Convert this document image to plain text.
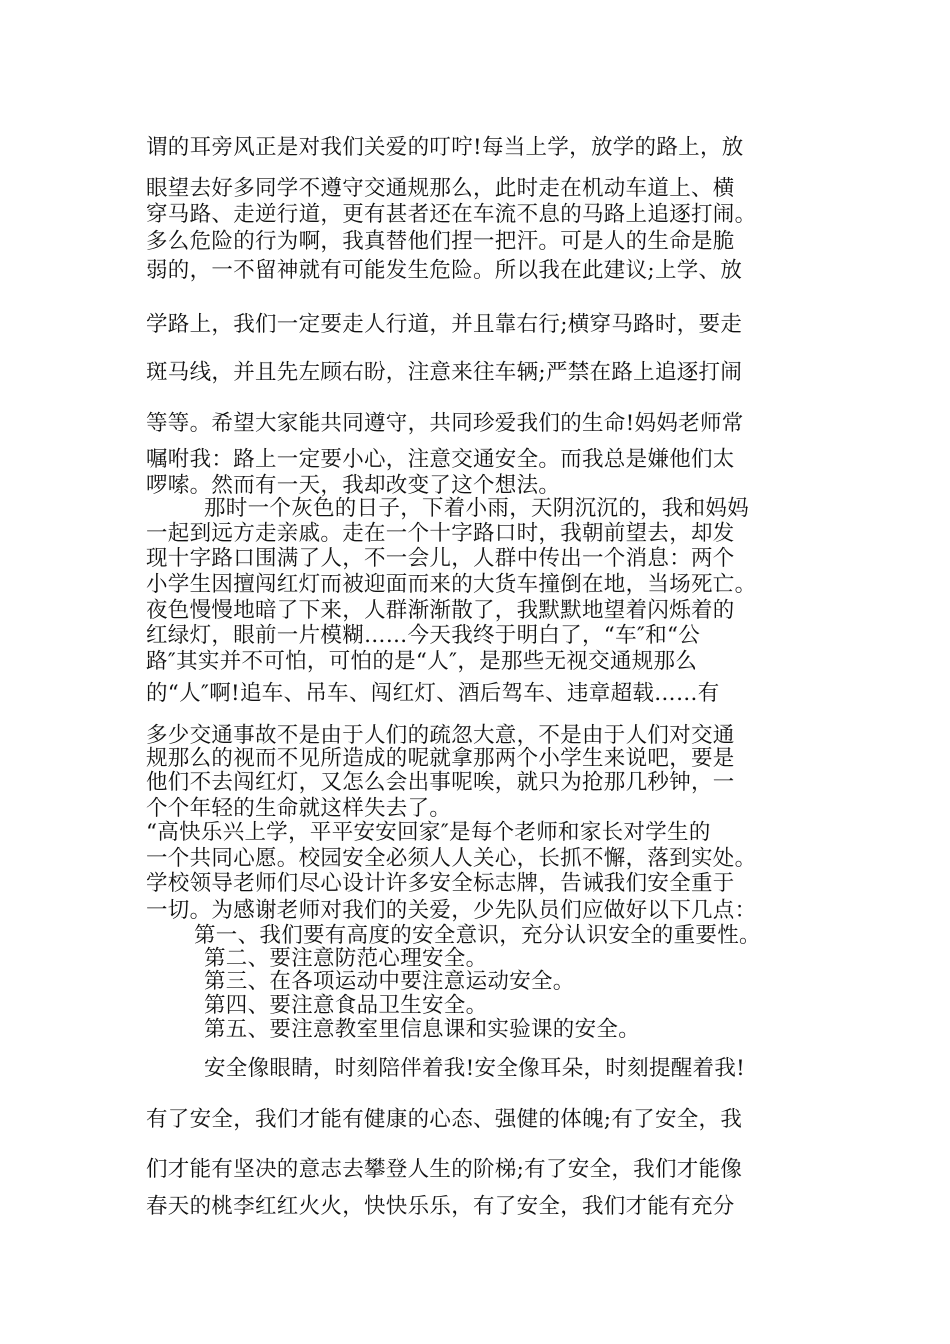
谓的耳旁风正是对我们关爱的叮咛!每当上学，放学的路上，放
眼望去好多同学不遵守交通规那么，此时走在机动车道上、横
穿马路、走逆行道，更有甚者还在车流不息的马路上追逐打闹。
多么危险的行为啊，我真替他们捏一把汗。可是人的生命是脆
弱的，一不留神就有可能发生危险。所以我在此建议;上学、放
学路上，我们一定要走人行道，并且靠右行;横穿马路时，要走
斑马线，并且先左顾右盼，注意来往车辆;严禁在路上追逐打闹
等等。希望大家能共同遵守，共同珍爱我们的生命!妈妈老师常
嘱咐我：路上一定要小心，注意交通安全。而我总是嫌他们太
啰嗦。然而有一天，我却改变了这个想法。
那时一个灰色的日子，下着小雨，天阴沉沉的，我和妈妈
一起到远方走亲戚。走在一个十字路口时，我朝前望去，却发
现十字路口围满了人，不一会儿，人群中传出一个消息：两个
小学生因擅闯红灯而被迎面而来的大货车撞倒在地，当场死亡。
夜色慢慢地暗了下来，人群渐渐散了，我默默地望着闪烁着的
红绿灯，眼前一片模糊……今天我终于明白了，“车″和“公
路″其实并不可怕，可怕的是“人″，是那些无视交通规那么
的“人″啊!追车、吊车、闯红灯、酒后驾车、违章超载……有
多少交通事故不是由于人们的疏忽大意，不是由于人们对交通
规那么的视而不见所造成的呢就拿那两个小学生来说吧，要是
他们不去闯红灯，又怎么会出事呢唉，就只为抢那几秒钟，一
个个年轻的生命就这样失去了。
“高快乐兴上学，平平安安回家″是每个老师和家长对学生的
一个共同心愿。校园安全必须人人关心，长抓不懈，落到实处。
学校领导老师们尽心设计许多安全标志牌，告诫我们安全重于
一切。为感谢老师对我们的关爱，少先队员们应做好以下几点：
第一、我们要有高度的安全意识，充分认识安全的重要性。
第二、要注意防范心理安全。
第三、在各项运动中要注意运动安全。
第四、要注意食品卫生安全。
第五、要注意教室里信息课和实验课的安全。
安全像眼睛，时刻陪伴着我!安全像耳朵，时刻提醒着我!
有了安全，我们才能有健康的心态、强健的体魄;有了安全，我
们才能有坚决的意志去攀登人生的阶梯;有了安全，我们才能像
春天的桃李红红火火，快快乐乐，有了安全，我们才能有充分
